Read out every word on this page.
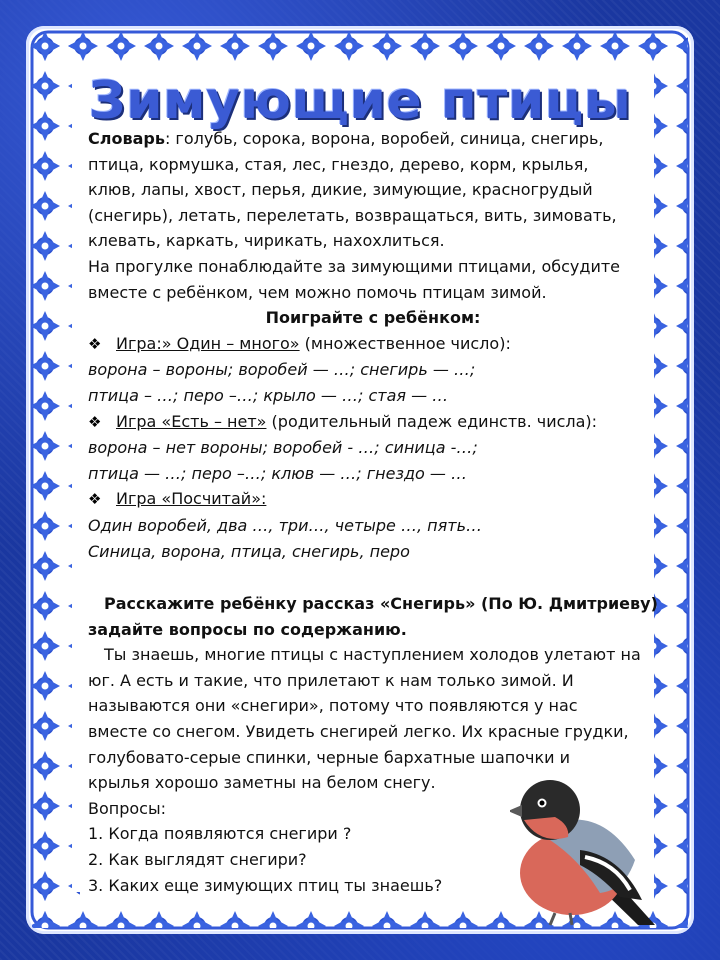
Зимующие птицы

Словарь: голубь, сорока, ворона, воробей, синица, снегирь,

птица, кормушка, стая, лес, гнездо, дерево, корм, крылья,

клюв, лапы, хвост, перья, дикие, зимующие, красногрудый

(снегирь), летать, перелетать, возвращаться, вить, зимовать,

клевать, каркать, чирикать, нахохлиться.

На прогулке понаблюдайте за зимующими птицами, обсудите

вместе с ребёнком, чем можно помочь птицам зимой.

Поиграйте с ребёнком:

❖ Игра:» Один – много» (множественное число):

ворона – вороны; воробей — …; снегирь — …;

птица – …; перо –…; крыло — …; стая — …

❖ Игра «Есть – нет» (родительный падеж единств. числа):

ворона – нет вороны; воробей - …; синица -…;

птица — …; перо –…; клюв — …; гнездо — …

❖ Игра «Посчитай»:

Один воробей, два …, три…, четыре …, пять…

Синица, ворона, птица, снегирь, перо

Расскажите ребёнку рассказ «Снегирь» (По Ю. Дмитриеву)

задайте вопросы по содержанию.

Ты знаешь, многие птицы с наступлением холодов улетают на

юг. А есть и такие, что прилетают к нам только зимой. И

называются они «снегири», потому что появляются у нас

вместе со снегом. Увидеть снегирей легко. Их красные грудки,

голубовато-серые спинки, черные бархатные шапочки и

крылья хорошо заметны на белом снегу.

Вопросы:

1. Когда появляются снегири ?

2. Как выглядят снегири?

3. Каких еще зимующих птиц ты знаешь?
